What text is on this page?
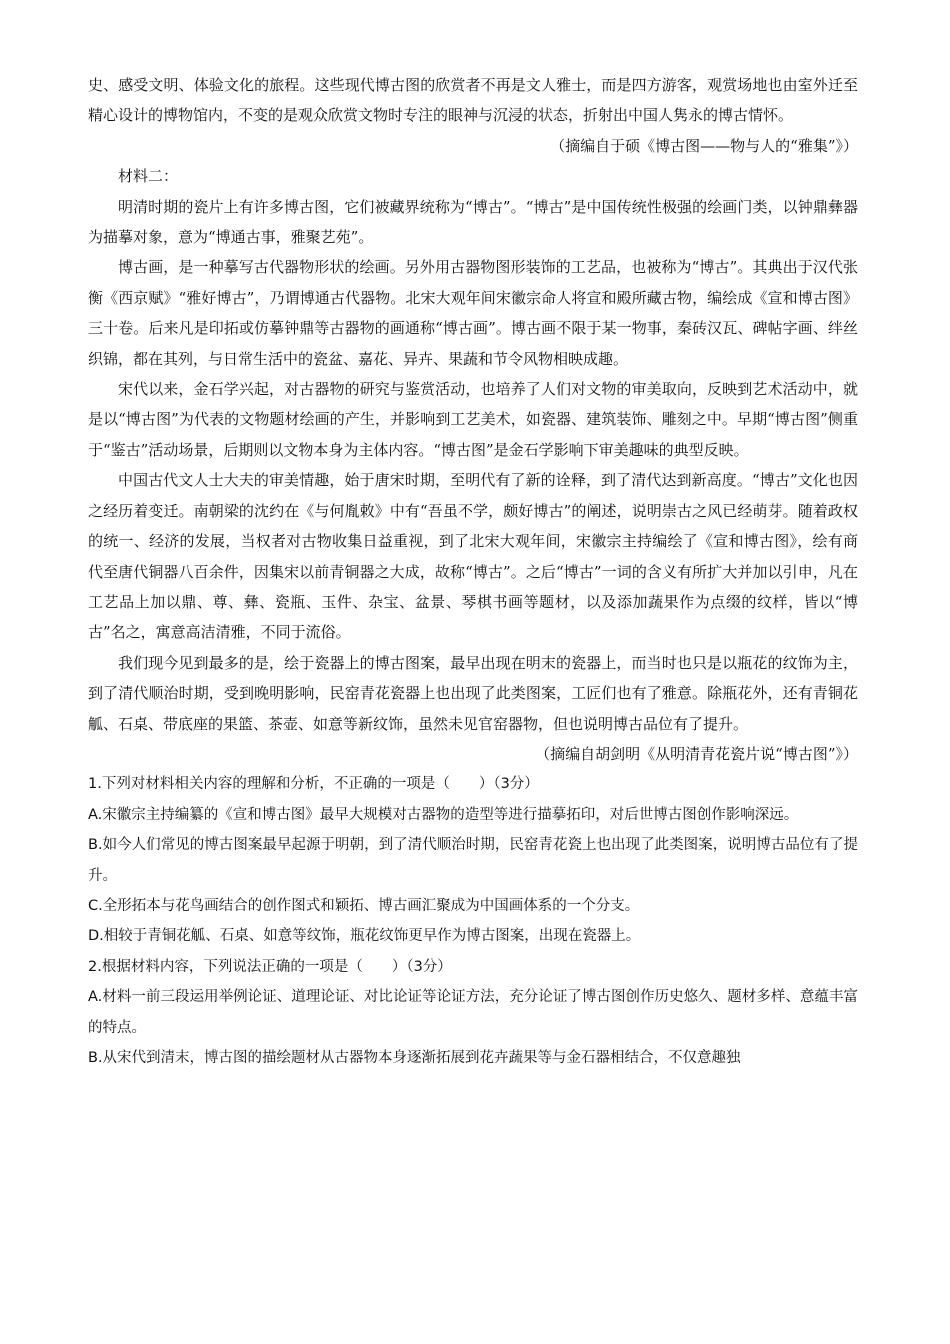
史、感受文明、体验文化的旅程。这些现代博古图的欣赏者不再是文人雅士，而是四方游客，观赏场地也由室外迁至精心设计的博物馆内，不变的是观众欣赏文物时专注的眼神与沉浸的状态，折射出中国人隽永的博古情怀。

（摘编自于硕《博古图——物与人的“雅集”》）

材料二：

明清时期的瓷片上有许多博古图，它们被藏界统称为“博古”。“博古”是中国传统性极强的绘画门类，以钟鼎彝器为描摹对象，意为“博通古事，雅聚艺苑”。

博古画，是一种摹写古代器物形状的绘画。另外用古器物图形装饰的工艺品，也被称为“博古”。其典出于汉代张衡《西京赋》“雅好博古”，乃谓博通古代器物。北宋大观年间宋徽宗命人将宣和殿所藏古物，编绘成《宣和博古图》三十卷。后来凡是印拓或仿摹钟鼎等古器物的画通称“博古画”。博古画不限于某一物事，秦砖汉瓦、碑帖字画、绊丝织锦，都在其列，与日常生活中的瓷盆、嘉花、异卉、果蔬和节令风物相映成趣。

宋代以来，金石学兴起，对古器物的研究与鉴赏活动，也培养了人们对文物的审美取向，反映到艺术活动中，就是以“博古图”为代表的文物题材绘画的产生，并影响到工艺美术，如瓷器、建筑装饰、雕刻之中。早期“博古图”侧重于“鉴古”活动场景，后期则以文物本身为主体内容。“博古图”是金石学影响下审美趣味的典型反映。

中国古代文人士大夫的审美情趣，始于唐宋时期，至明代有了新的诠释，到了清代达到新高度。“博古”文化也因之经历着变迁。南朝梁的沈约在《与何胤敕》中有“吾虽不学，颇好博古”的阐述，说明崇古之风已经萌芽。随着政权的统一、经济的发展，当权者对古物收集日益重视，到了北宋大观年间，宋徽宗主持编绘了《宣和博古图》，绘有商代至唐代铜器八百余件，因集宋以前青铜器之大成，故称“博古”。之后“博古”一词的含义有所扩大并加以引申，凡在工艺品上加以鼎、尊、彝、瓷瓶、玉件、杂宝、盆景、琴棋书画等题材，以及添加蔬果作为点缀的纹样，皆以“博古”名之，寓意高洁清雅，不同于流俗。

我们现今见到最多的是，绘于瓷器上的博古图案，最早出现在明末的瓷器上，而当时也只是以瓶花的纹饰为主，到了清代顺治时期，受到晚明影响，民窑青花瓷器上也出现了此类图案，工匠们也有了雅意。除瓶花外，还有青铜花觚、石桌、带底座的果篮、茶壶、如意等新纹饰，虽然未见官窑器物，但也说明博古品位有了提升。

（摘编自胡剑明《从明清青花瓷片说“博古图”》）

1.下列对材料相关内容的理解和分析，不正确的一项是（　　）（3分）

A.宋徽宗主持编纂的《宣和博古图》最早大规模对古器物的造型等进行描摹拓印，对后世博古图创作影响深远。

B.如今人们常见的博古图案最早起源于明朝，到了清代顺治时期，民窑青花瓷上也出现了此类图案，说明博古品位有了提升。

C.全形拓本与花鸟画结合的创作图式和颖拓、博古画汇聚成为中国画体系的一个分支。

D.相较于青铜花觚、石桌、如意等纹饰，瓶花纹饰更早作为博古图案，出现在瓷器上。

2.根据材料内容，下列说法正确的一项是（　　）（3分）

A.材料一前三段运用举例论证、道理论证、对比论证等论证方法，充分论证了博古图创作历史悠久、题材多样、意蕴丰富的特点。

B.从宋代到清末，博古图的描绘题材从古器物本身逐渐拓展到花卉蔬果等与金石器相结合，不仅意趣独
